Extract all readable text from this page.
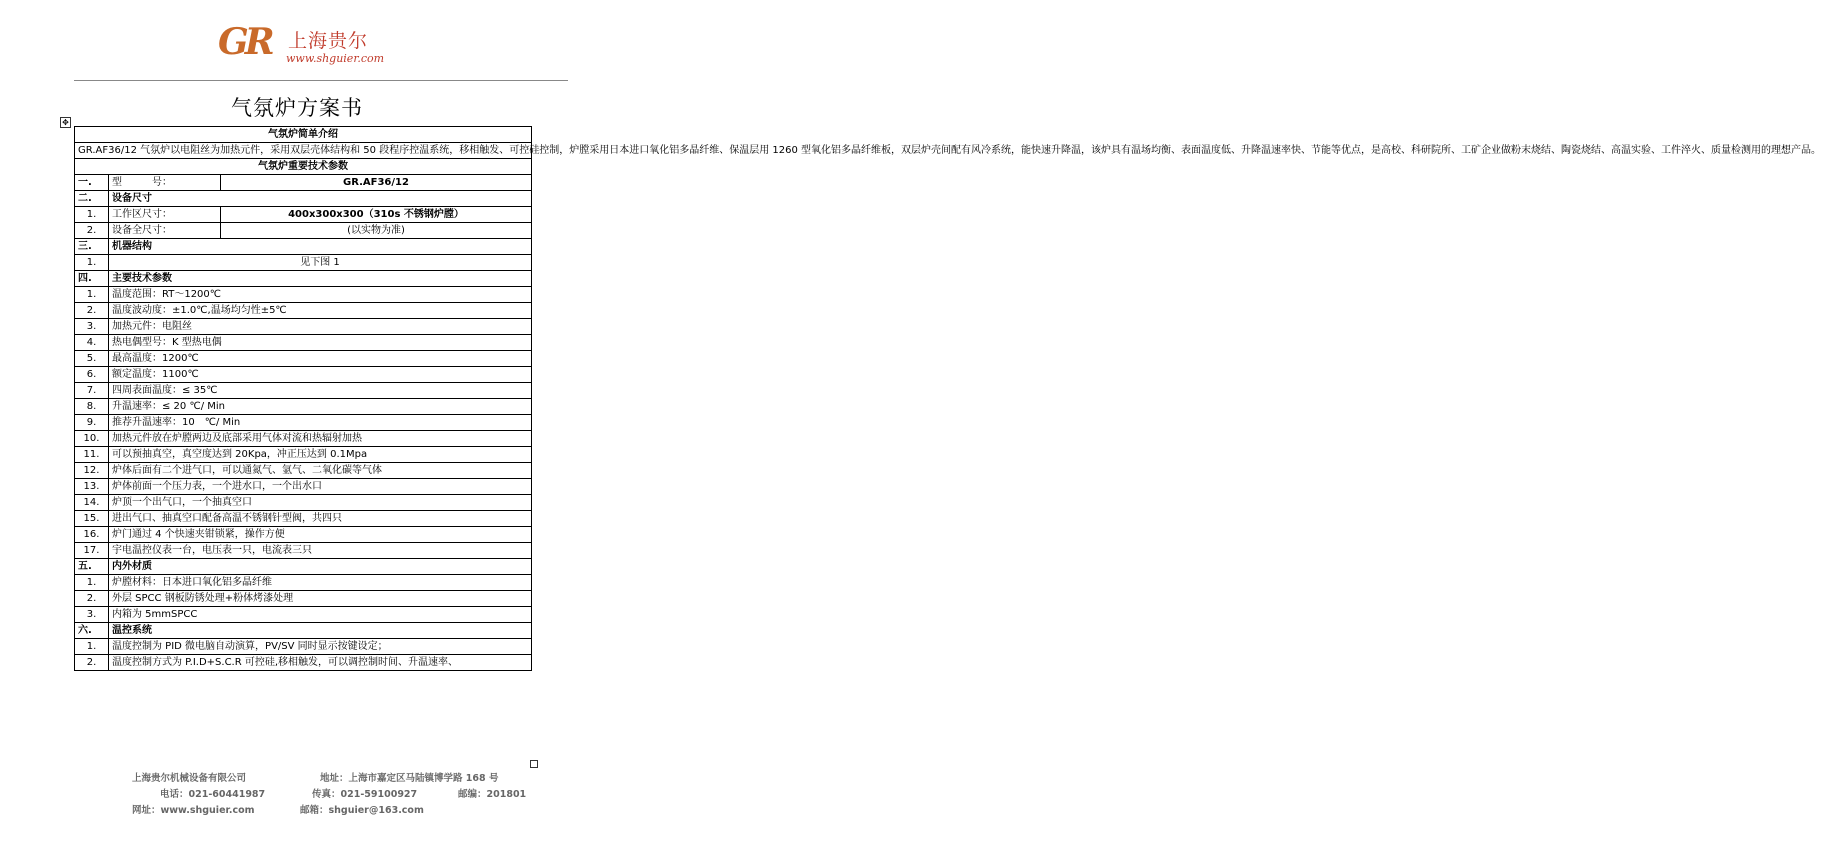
GR 上海贵尔
www.shguier.com
气氛炉方案书
✥
气氛炉简单介绍		
GR.AF36/12 气氛炉以电阻丝为加热元件，采用双层壳体结构和 50 段程序控温系统，移相触发、可控硅控制，炉膛采用日本进口氧化铝多晶纤维、保温层用 1260 型氧化铝多晶纤维板，双层炉壳间配有风冷系统，能快速升降温，该炉具有温场均衡、表面温度低、升降温速率快、节能等优点，是高校、科研院所、工矿企业做粉末烧结、陶瓷烧结、高温实验、工件淬火、质量检测用的理想产品。		
气氛炉重要技术参数		
一.	型　　　号：	GR.AF36/12
二.	设备尺寸	
1.	工作区尺寸：	400x300x300（310s 不锈钢炉膛）
2.	设备全尺寸：	(以实物为准)
三.	机器结构	
1.	见下图 1	
四.	主要技术参数	
1.	温度范围：RT～1200℃	
2.	温度波动度：±1.0℃,温场均匀性±5℃	
3.	加热元件：电阻丝	
4.	热电偶型号：K 型热电偶	
5.	最高温度：1200℃	
6.	额定温度：1100℃	
7.	四周表面温度：≤ 35℃	
8.	升温速率：≤ 20 ℃/ Min	
9.	推荐升温速率：10　℃/ Min	
10.	加热元件放在炉膛两边及底部采用气体对流和热辐射加热	
11.	可以预抽真空，真空度达到 20Kpa，冲正压达到 0.1Mpa	
12.	炉体后面有二个进气口，可以通氮气、氩气、二氧化碳等气体	
13.	炉体前面一个压力表，一个进水口，一个出水口	
14.	炉顶一个出气口，一个抽真空口	
15.	进出气口、抽真空口配备高温不锈钢针型阀，共四只	
16.	炉门通过 4 个快速夹钳锁紧，操作方便	
17.	宇电温控仪表一台，电压表一只，电流表三只	
五.	内外材质	
1.	炉膛材料：日本进口氧化铝多晶纤维	
2.	外层 SPCC 钢板防锈处理+粉体烤漆处理	
3.	内箱为 5mmSPCC	
六.	温控系统	
1.	温度控制为 PID 微电脑自动演算，PV/SV 同时显示按键设定；	
2.	温度控制方式为 P.I.D+S.C.R 可控硅,移相触发，可以调控制时间、升温速率、	
上海贵尔机械设备有限公司	地址：上海市嘉定区马陆镇博学路 168 号
电话：021-60441987	传真：021-59100927	邮编：201801
网址：www.shguier.com	邮箱：shguier@163.com
